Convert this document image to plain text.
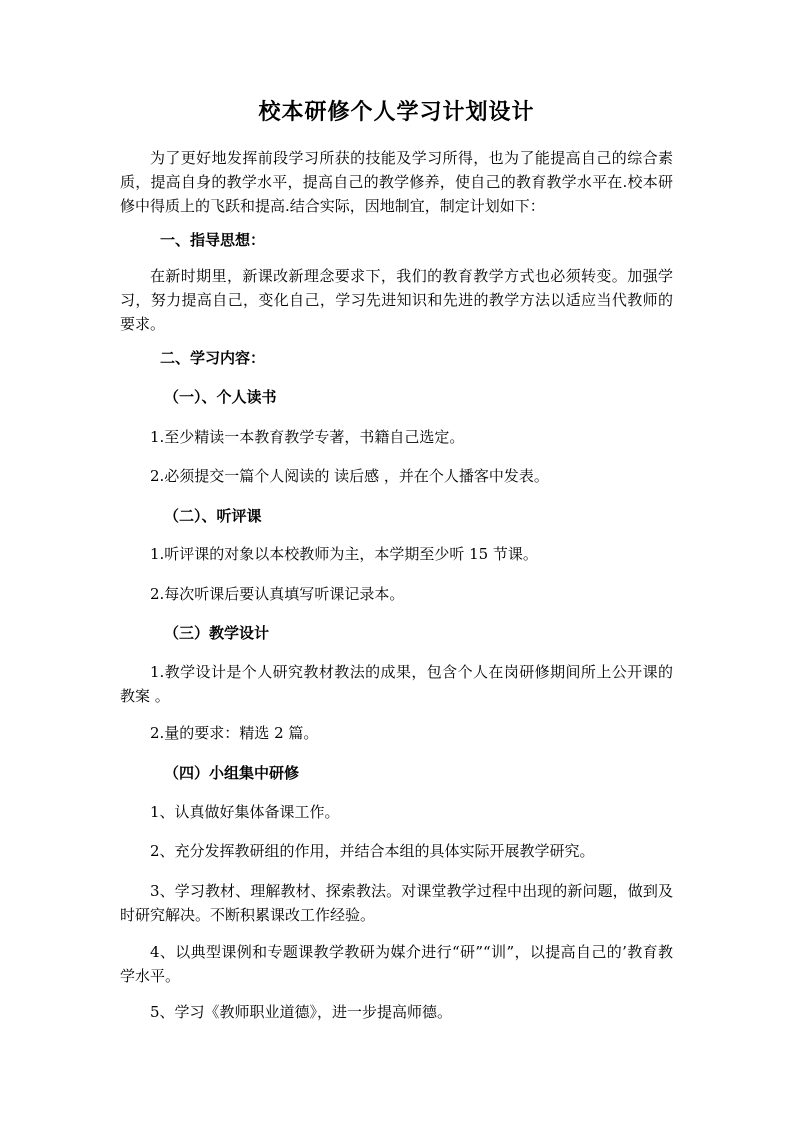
校本研修个人学习计划设计
为了更好地发挥前段学习所获的技能及学习所得，也为了能提高自己的综合素质，提高自身的教学水平，提高自己的教学修养，使自己的教育教学水平在.校本研修中得质上的飞跃和提高.结合实际，因地制宜，制定计划如下：
一、指导思想：
在新时期里，新课改新理念要求下，我们的教育教学方式也必须转变。加强学习，努力提高自己，变化自己，学习先进知识和先进的教学方法以适应当代教师的要求。
二、学习内容：
（一）、个人读书
1.至少精读一本教育教学专著，书籍自己选定。
2.必须提交一篇个人阅读的 读后感 ，并在个人播客中发表。
（二）、听评课
1.听评课的对象以本校教师为主，本学期至少听 15 节课。
2.每次听课后要认真填写听课记录本。
（三）教学设计
1.教学设计是个人研究教材教法的成果，包含个人在岗研修期间所上公开课的 教案 。
2.量的要求：精选 2 篇。
（四）小组集中研修
1、认真做好集体备课工作。
2、充分发挥教研组的作用，并结合本组的具体实际开展教学研究。
3、学习教材、理解教材、探索教法。对课堂教学过程中出现的新问题，做到及时研究解决。不断积累课改工作经验。
4、以典型课例和专题课教学教研为媒介进行“研”“训”，以提高自己的’教育教学水平。
5、学习《教师职业道德》，进一步提高师德。
